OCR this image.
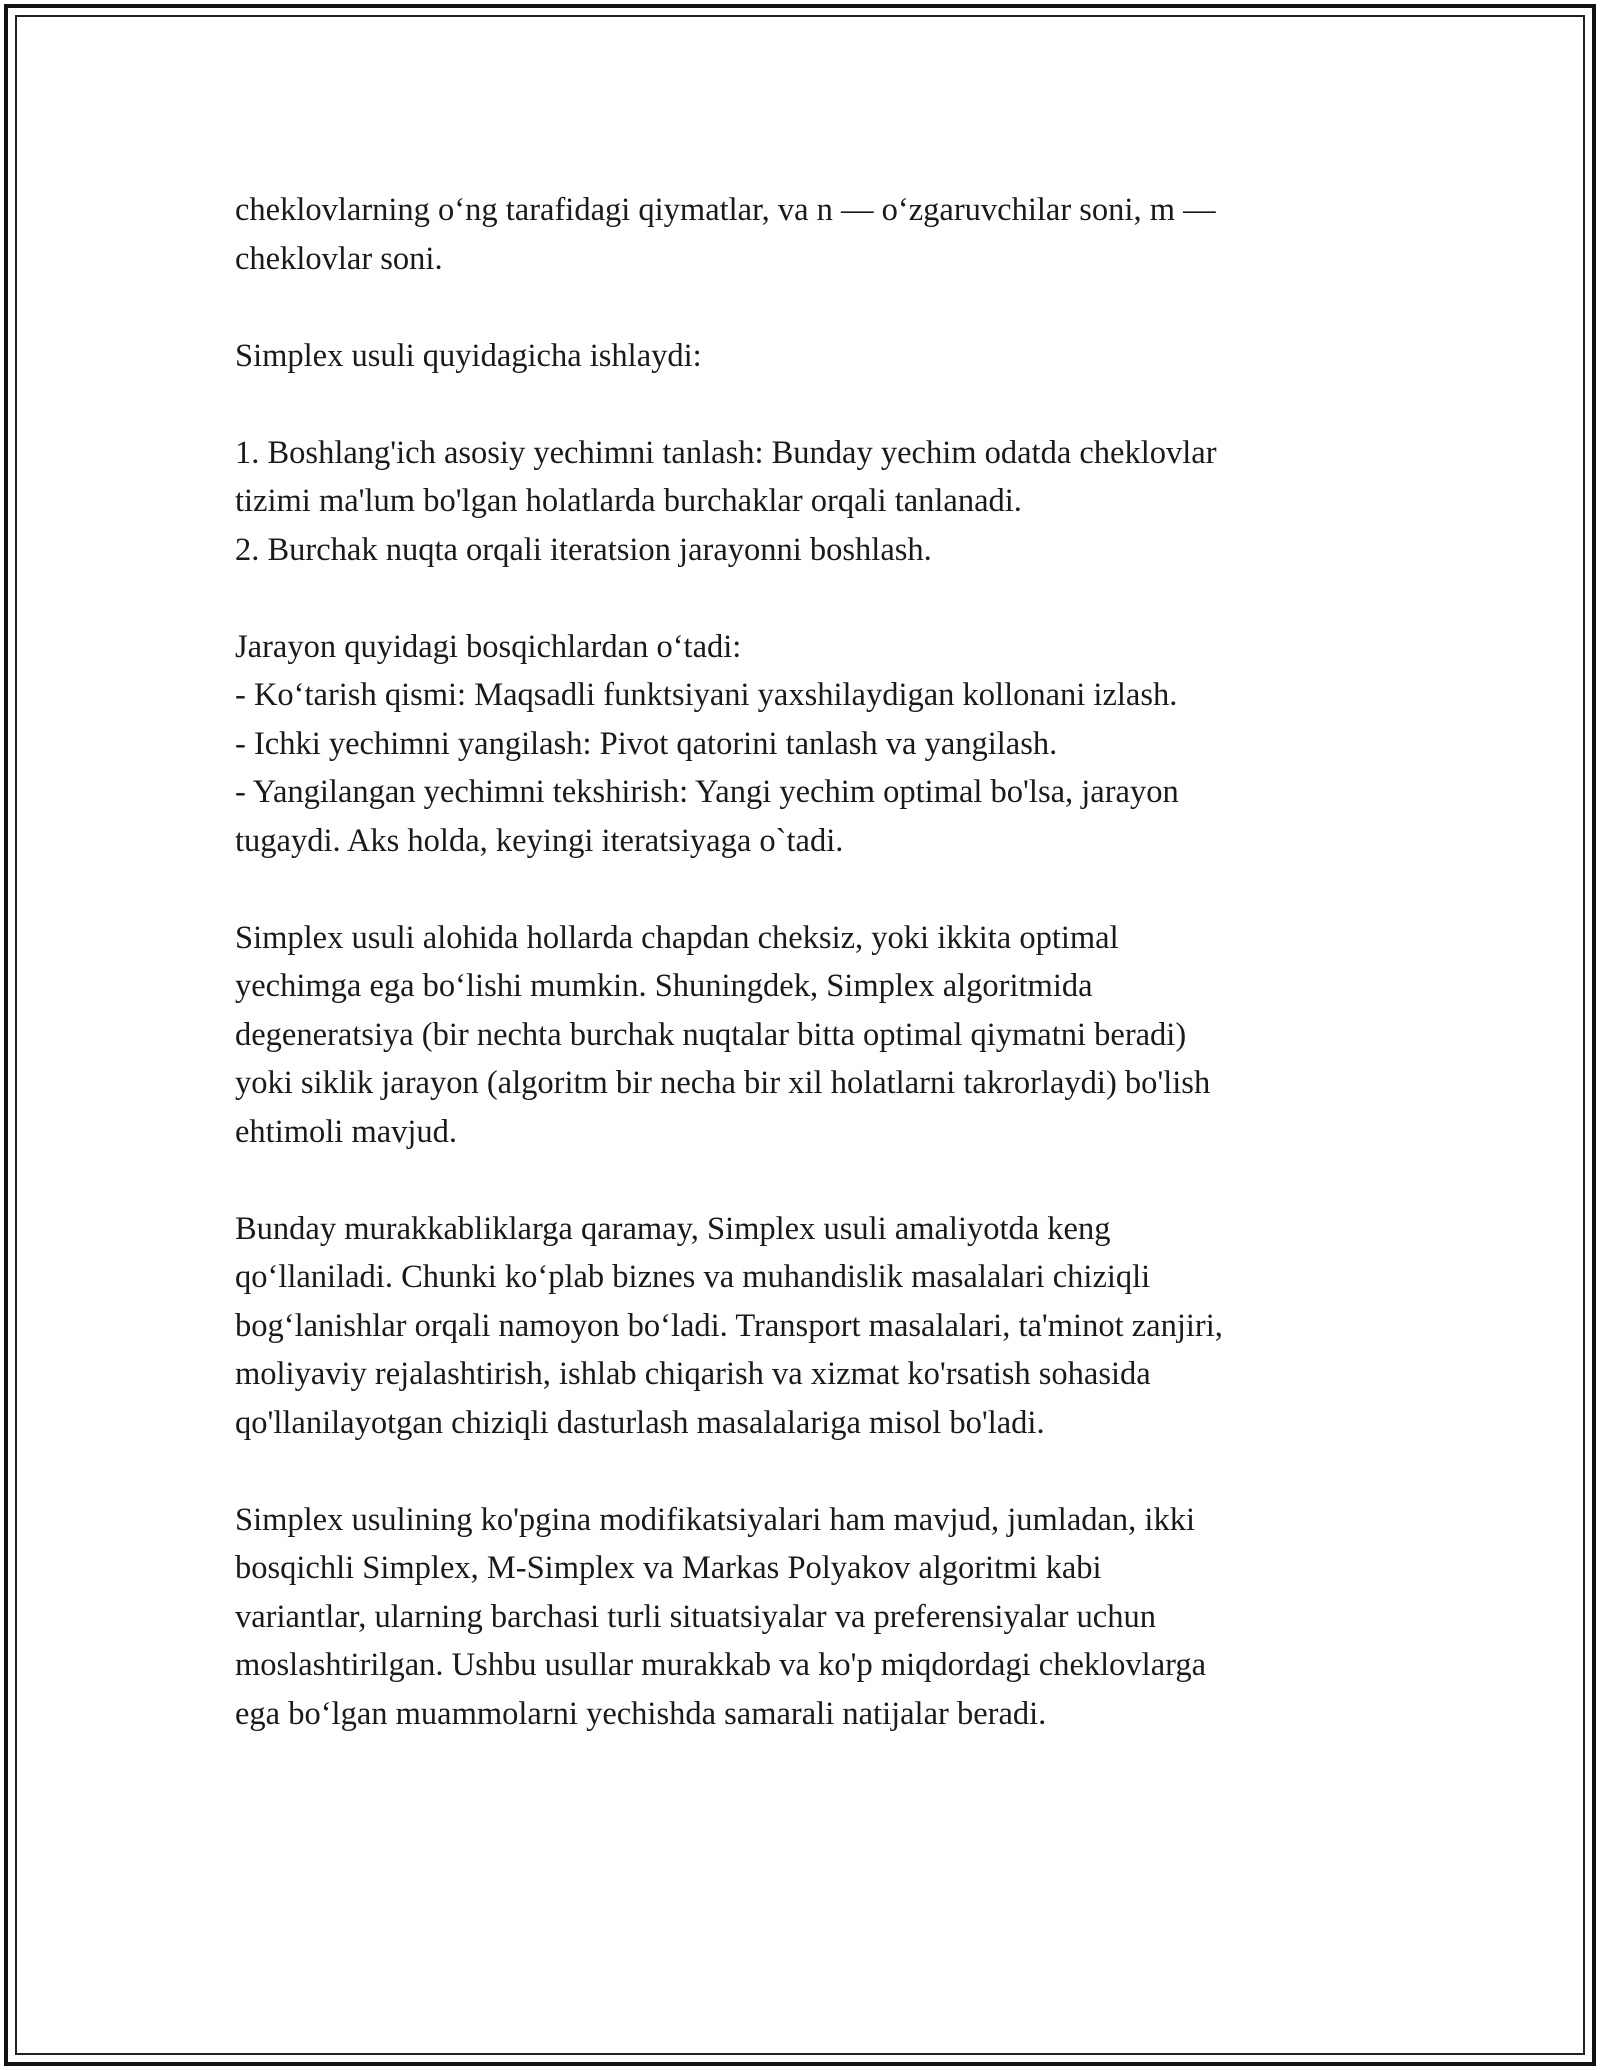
cheklovlarning o‘ng tarafidagi qiymatlar, va n — o‘zgaruvchilar soni, m —
cheklovlar soni.

Simplex usuli quyidagicha ishlaydi:

1. Boshlang'ich asosiy yechimni tanlash: Bunday yechim odatda cheklovlar
tizimi ma'lum bo'lgan holatlarda burchaklar orqali tanlanadi.
2. Burchak nuqta orqali iteratsion jarayonni boshlash.

Jarayon quyidagi bosqichlardan o‘tadi:
- Ko‘tarish qismi: Maqsadli funktsiyani yaxshilaydigan kollonani izlash.
- Ichki yechimni yangilash: Pivot qatorini tanlash va yangilash.
- Yangilangan yechimni tekshirish: Yangi yechim optimal bo'lsa, jarayon
tugaydi. Aks holda, keyingi iteratsiyaga o`tadi.

Simplex usuli alohida hollarda chapdan cheksiz, yoki ikkita optimal
yechimga ega bo‘lishi mumkin. Shuningdek, Simplex algoritmida
degeneratsiya (bir nechta burchak nuqtalar bitta optimal qiymatni beradi)
yoki siklik jarayon (algoritm bir necha bir xil holatlarni takrorlaydi) bo'lish
ehtimoli mavjud.

Bunday murakkabliklarga qaramay, Simplex usuli amaliyotda keng
qo‘llaniladi. Chunki ko‘plab biznes va muhandislik masalalari chiziqli
bog‘lanishlar orqali namoyon bo‘ladi. Transport masalalari, ta'minot zanjiri,
moliyaviy rejalashtirish, ishlab chiqarish va xizmat ko'rsatish sohasida
qo'llanilayotgan chiziqli dasturlash masalalariga misol bo'ladi.

Simplex usulining ko'pgina modifikatsiyalari ham mavjud, jumladan, ikki
bosqichli Simplex, M-Simplex va Markas Polyakov algoritmi kabi
variantlar, ularning barchasi turli situatsiyalar va preferensiyalar uchun
moslashtirilgan. Ushbu usullar murakkab va ko'p miqdordagi cheklovlarga
ega bo‘lgan muammolarni yechishda samarali natijalar beradi.
